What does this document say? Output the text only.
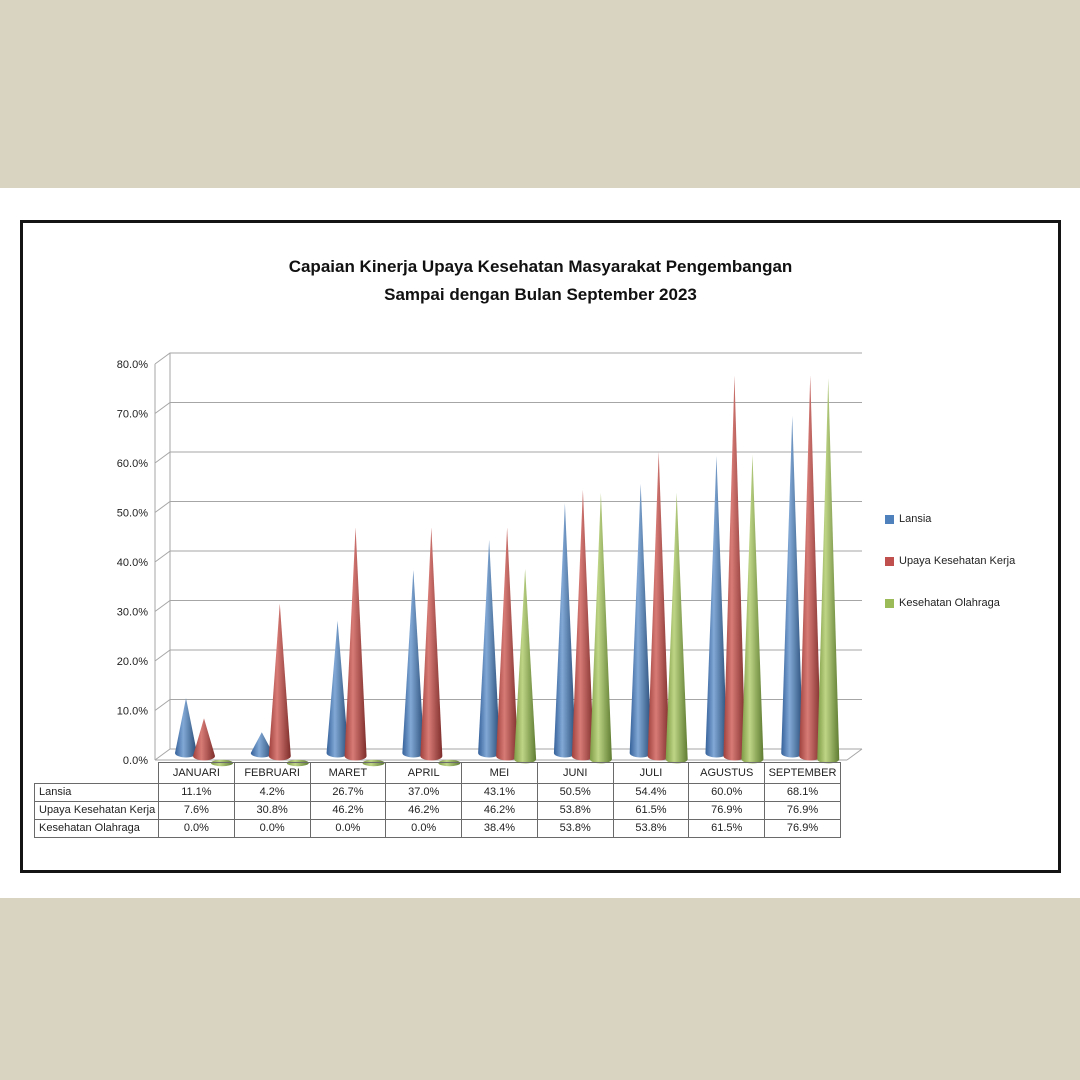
Capaian Kinerja Upaya Kesehatan Masyarakat Pengembangan
Sampai dengan Bulan September 2023
0.0%
10.0%
20.0%
30.0%
40.0%
50.0%
60.0%
70.0%
80.0%
Lansia
Upaya Kesehatan Kerja
Kesehatan Olahraga
	JANUARI	FEBRUARI	MARET	APRIL	MEI	JUNI	JULI	AGUSTUS	SEPTEMBER
Lansia	11.1%	4.2%	26.7%	37.0%	43.1%	50.5%	54.4%	60.0%	68.1%
Upaya Kesehatan Kerja	7.6%	30.8%	46.2%	46.2%	46.2%	53.8%	61.5%	76.9%	76.9%
Kesehatan Olahraga	0.0%	0.0%	0.0%	0.0%	38.4%	53.8%	53.8%	61.5%	76.9%
